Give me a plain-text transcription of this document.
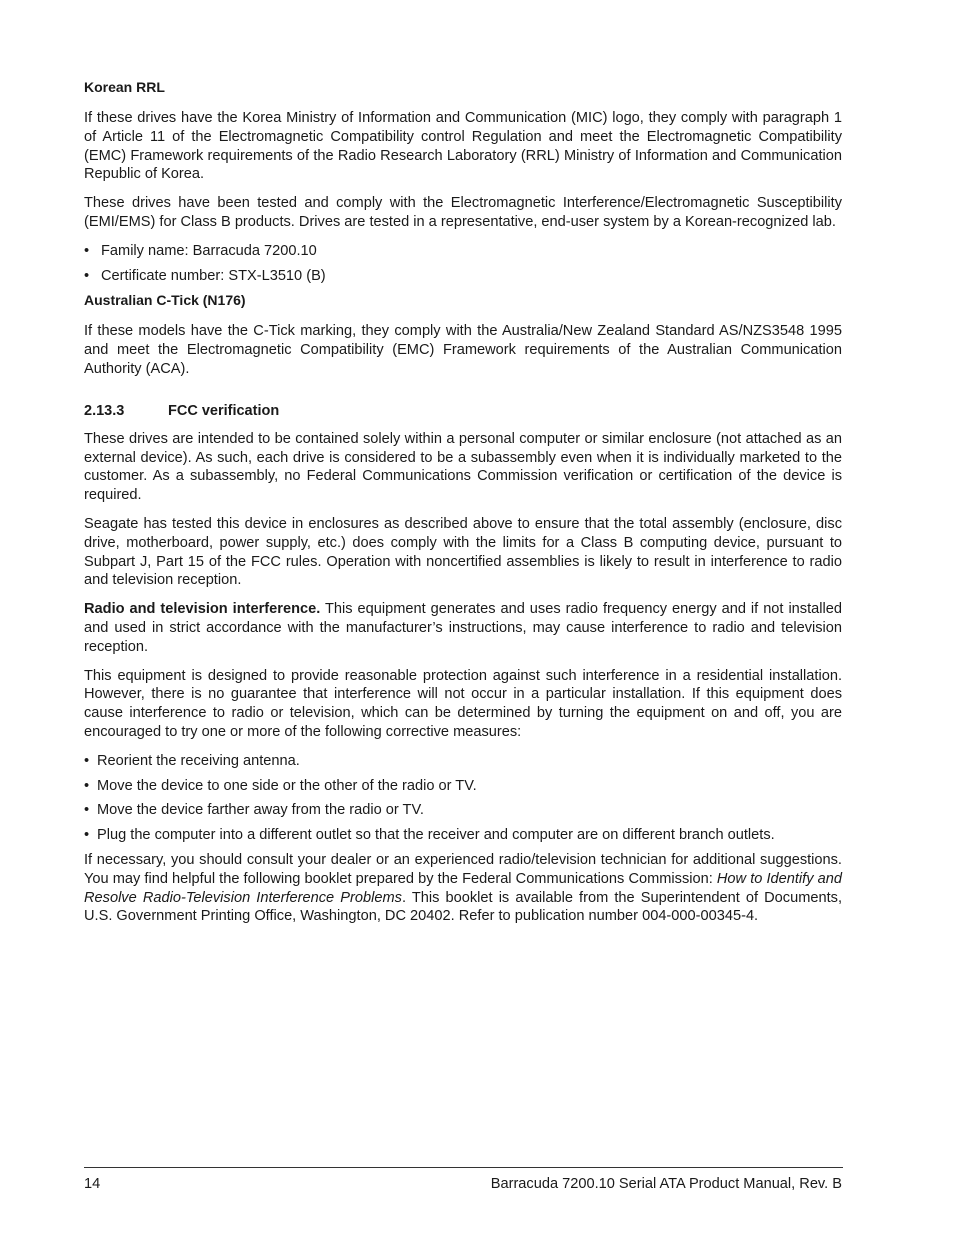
Korean RRL

If these drives have the Korea Ministry of Information and Communication (MIC) logo, they comply with paragraph 1 of Article 11 of the Electromagnetic Compatibility control Regulation and meet the Electromagnetic Compatibility (EMC) Framework requirements of the Radio Research Laboratory (RRL) Ministry of Information and Communication Republic of Korea.

These drives have been tested and comply with the Electromagnetic Interference/Electromagnetic Susceptibility (EMI/EMS) for Class B products. Drives are tested in a representative, end-user system by a Korean-recognized lab.

• Family name: Barracuda 7200.10
• Certificate number: STX-L3510 (B)
Australian C-Tick (N176)

If these models have the C-Tick marking, they comply with the Australia/New Zealand Standard AS/NZS3548 1995 and meet the Electromagnetic Compatibility (EMC) Framework requirements of the Australian Communication Authority (ACA).

2.13.3	FCC verification

These drives are intended to be contained solely within a personal computer or similar enclosure (not attached as an external device). As such, each drive is considered to be a subassembly even when it is individually marketed to the customer. As a subassembly, no Federal Communications Commission verification or certification of the device is required.

Seagate has tested this device in enclosures as described above to ensure that the total assembly (enclosure, disc drive, motherboard, power supply, etc.) does comply with the limits for a Class B computing device, pursuant to Subpart J, Part 15 of the FCC rules. Operation with noncertified assemblies is likely to result in interference to radio and television reception.

Radio and television interference. This equipment generates and uses radio frequency energy and if not installed and used in strict accordance with the manufacturer’s instructions, may cause interference to radio and television reception.

This equipment is designed to provide reasonable protection against such interference in a residential installation. However, there is no guarantee that interference will not occur in a particular installation. If this equipment does cause interference to radio or television, which can be determined by turning the equipment on and off, you are encouraged to try one or more of the following corrective measures:

• Reorient the receiving antenna.
• Move the device to one side or the other of the radio or TV.
• Move the device farther away from the radio or TV.
• Plug the computer into a different outlet so that the receiver and computer are on different branch outlets.

If necessary, you should consult your dealer or an experienced radio/television technician for additional suggestions. You may find helpful the following booklet prepared by the Federal Communications Commission: How to Identify and Resolve Radio-Television Interference Problems. This booklet is available from the Superintendent of Documents, U.S. Government Printing Office, Washington, DC 20402. Refer to publication number 004-000-00345-4.

14	Barracuda 7200.10 Serial ATA Product Manual, Rev. B
